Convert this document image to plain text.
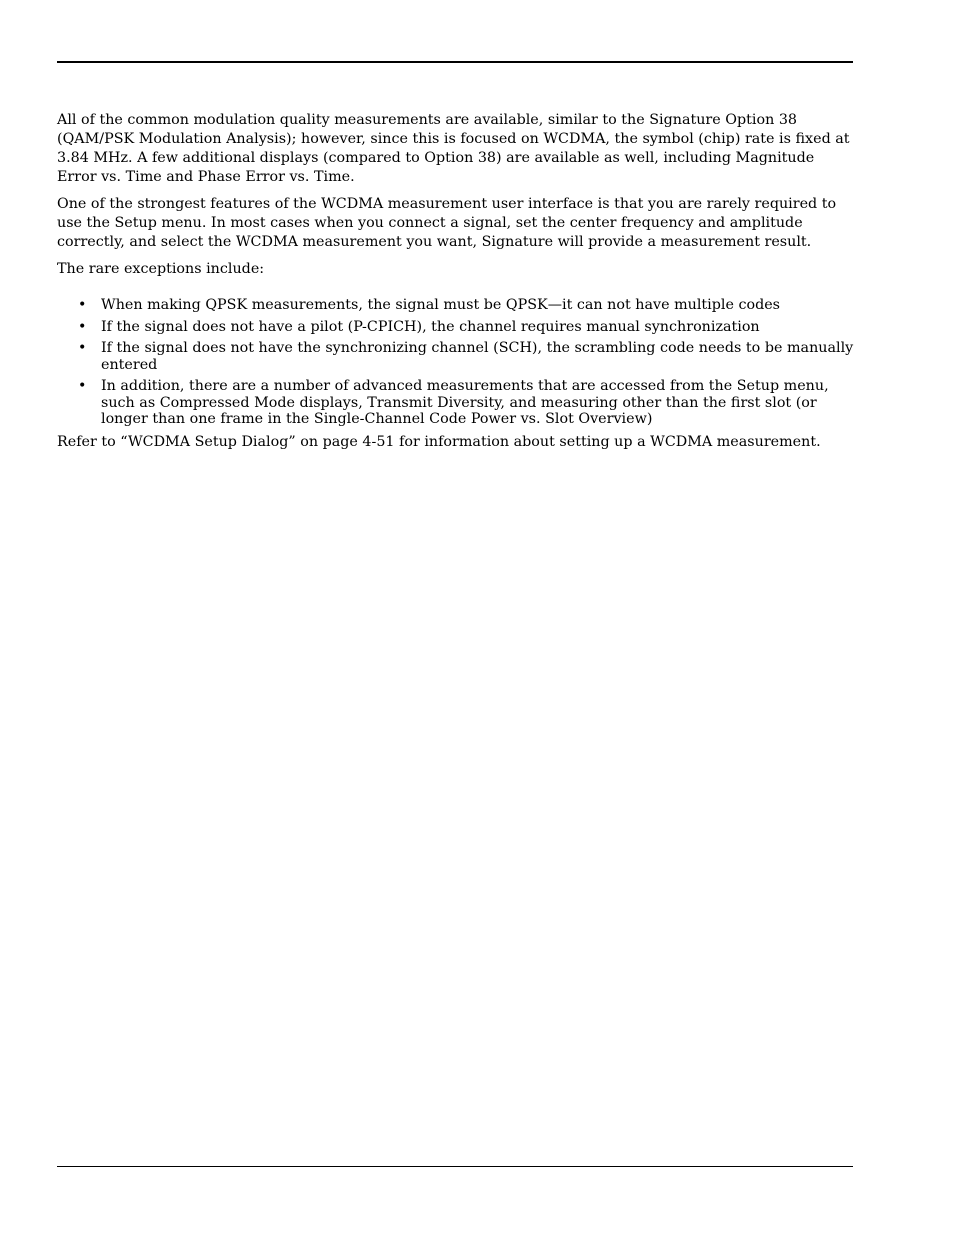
All of the common modulation quality measurements are available, similar to the Signature Option 38 (QAM/PSK Modulation Analysis); however, since this is focused on WCDMA, the symbol (chip) rate is fixed at 3.84 MHz. A few additional displays (compared to Option 38) are available as well, including Magnitude Error vs. Time and Phase Error vs. Time.

One of the strongest features of the WCDMA measurement user interface is that you are rarely required to use the Setup menu. In most cases when you connect a signal, set the center frequency and amplitude correctly, and select the WCDMA measurement you want, Signature will provide a measurement result.

The rare exceptions include:

• When making QPSK measurements, the signal must be QPSK—it can not have multiple codes
• If the signal does not have a pilot (P-CPICH), the channel requires manual synchronization
• If the signal does not have the synchronizing channel (SCH), the scrambling code needs to be manually entered
• In addition, there are a number of advanced measurements that are accessed from the Setup menu, such as Compressed Mode displays, Transmit Diversity, and measuring other than the first slot (or longer than one frame in the Single-Channel Code Power vs. Slot Overview)

Refer to “WCDMA Setup Dialog” on page 4-51 for information about setting up a WCDMA measurement.
